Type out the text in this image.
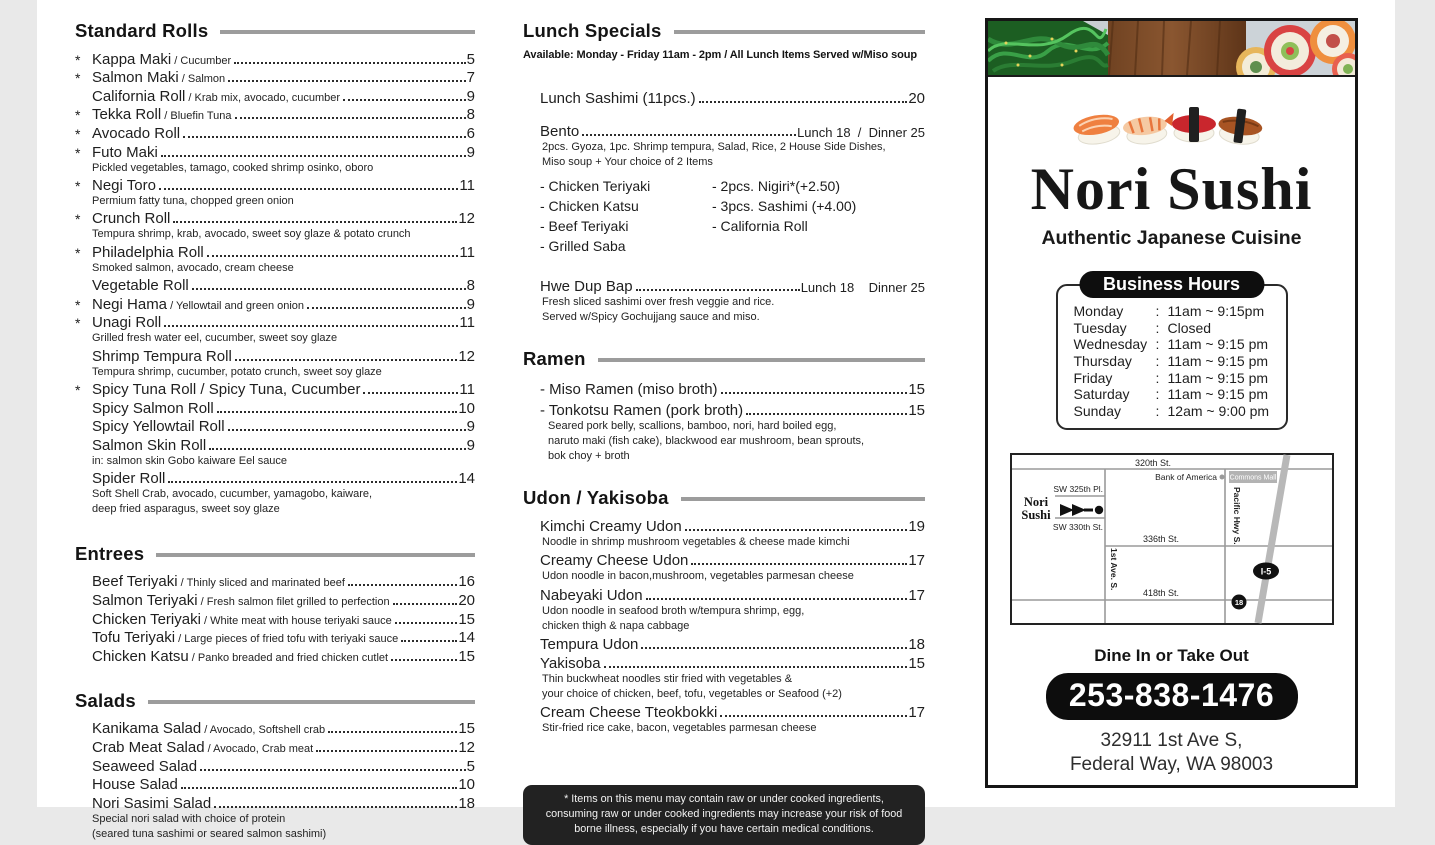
Standard Rolls
* Kappa Maki / Cucumber	5
* Salmon Maki / Salmon	7
California Roll / Krab mix, avocado, cucumber	9
* Tekka Roll / Bluefin Tuna	8
* Avocado Roll	6
* Futo Maki	9
Pickled vegetables, tamago, cooked shrimp osinko, oboro
* Negi Toro	11
Permium fatty tuna, chopped green onion
* Crunch Roll	12
Tempura shrimp, krab, avocado, sweet soy glaze & potato crunch
* Philadelphia Roll	11
Smoked salmon, avocado, cream cheese
Vegetable Roll	8
* Negi Hama / Yellowtail and green onion	9
* Unagi Roll	11
Grilled fresh water eel, cucumber, sweet soy glaze
Shrimp Tempura Roll	12
Tempura shrimp, cucumber, potato crunch, sweet soy glaze
* Spicy Tuna Roll / Spicy Tuna, Cucumber	11
Spicy Salmon Roll	10
Spicy Yellowtail Roll	9
Salmon Skin Roll	9
in: salmon skin Gobo kaiware Eel sauce
Spider Roll	14
Soft Shell Crab, avocado, cucumber, yamagobo, kaiware,
deep fried asparagus, sweet soy glaze
Entrees
Beef Teriyaki / Thinly sliced and marinated beef	16
Salmon Teriyaki / Fresh salmon filet grilled to perfection	20
Chicken Teriyaki / White meat with house teriyaki sauce	15
Tofu Teriyaki / Large pieces of fried tofu with teriyaki sauce	14
Chicken Katsu / Panko breaded and fried chicken cutlet	15
Salads
Kanikama Salad / Avocado, Softshell crab	15
Crab Meat Salad / Avocado, Crab meat	12
Seaweed Salad	5
House Salad	10
Nori Sasimi Salad	18
Special nori salad with choice of protein
(seared tuna sashimi or seared salmon sashimi)
Lunch Specials
Available: Monday - Friday 11am - 2pm / All Lunch Items Served w/Miso soup
Lunch Sashimi (11pcs.)	20
Bento	Lunch 18  /  Dinner 25
2pcs. Gyoza, 1pc. Shrimp tempura, Salad, Rice, 2 House Side Dishes,
Miso soup + Your choice of 2 Items
- Chicken Teriyaki
- Chicken Katsu
- Beef Teriyaki
- Grilled Saba
- 2pcs. Nigiri*(+2.50)
- 3pcs. Sashimi (+4.00)
- California Roll
Hwe Dup Bap	Lunch 18    Dinner 25
Fresh sliced sashimi over fresh veggie and rice.
Served w/Spicy Gochujjang sauce and miso.
Ramen
- Miso Ramen (miso broth)	15
- Tonkotsu Ramen (pork broth)	15
Seared pork belly, scallions, bamboo, nori, hard boiled egg,
naruto maki (fish cake), blackwood ear mushroom, bean sprouts,
bok choy + broth
Udon / Yakisoba
Kimchi Creamy Udon	19
Noodle in shrimp mushroom vegetables & cheese made kimchi
Creamy Cheese Udon	17
Udon noodle in bacon,mushroom, vegetables parmesan cheese
Nabeyaki Udon	17
Udon noodle in seafood broth w/tempura shrimp, egg,
chicken thigh & napa cabbage
Tempura Udon	18
Yakisoba	15
Thin buckwheat noodles stir fried with vegetables &
your choice of chicken, beef, tofu, vegetables or Seafood (+2)
Cream Cheese Tteokbokki	17
Stir-fried rice cake, bacon, vegetables parmesan cheese
* Items on this menu may contain raw or under cooked ingredients, consuming raw or under cooked ingredients may increase your risk of food borne illness, especially if you have certain medical conditions.
Nori Sushi
Authentic Japanese Cuisine
Business Hours
Monday	: 11am ~ 9:15pm
Tuesday	: Closed
Wednesday : 11am ~ 9:15 pm
Thursday	: 11am ~ 9:15 pm
Friday	: 11am ~ 9:15 pm
Saturday	: 11am ~ 9:15 pm
Sunday	: 12am ~ 9:00 pm
320th St.
Bank of America Commons Mall
SW 325th Pl.
SW 330th St.
Nori
Sushi
336th St.
418th St.
1st Ave. S.
Pacific Hwy S.
I-5
18
Dine In or Take Out
253-838-1476
32911 1st Ave S,
Federal Way, WA 98003
